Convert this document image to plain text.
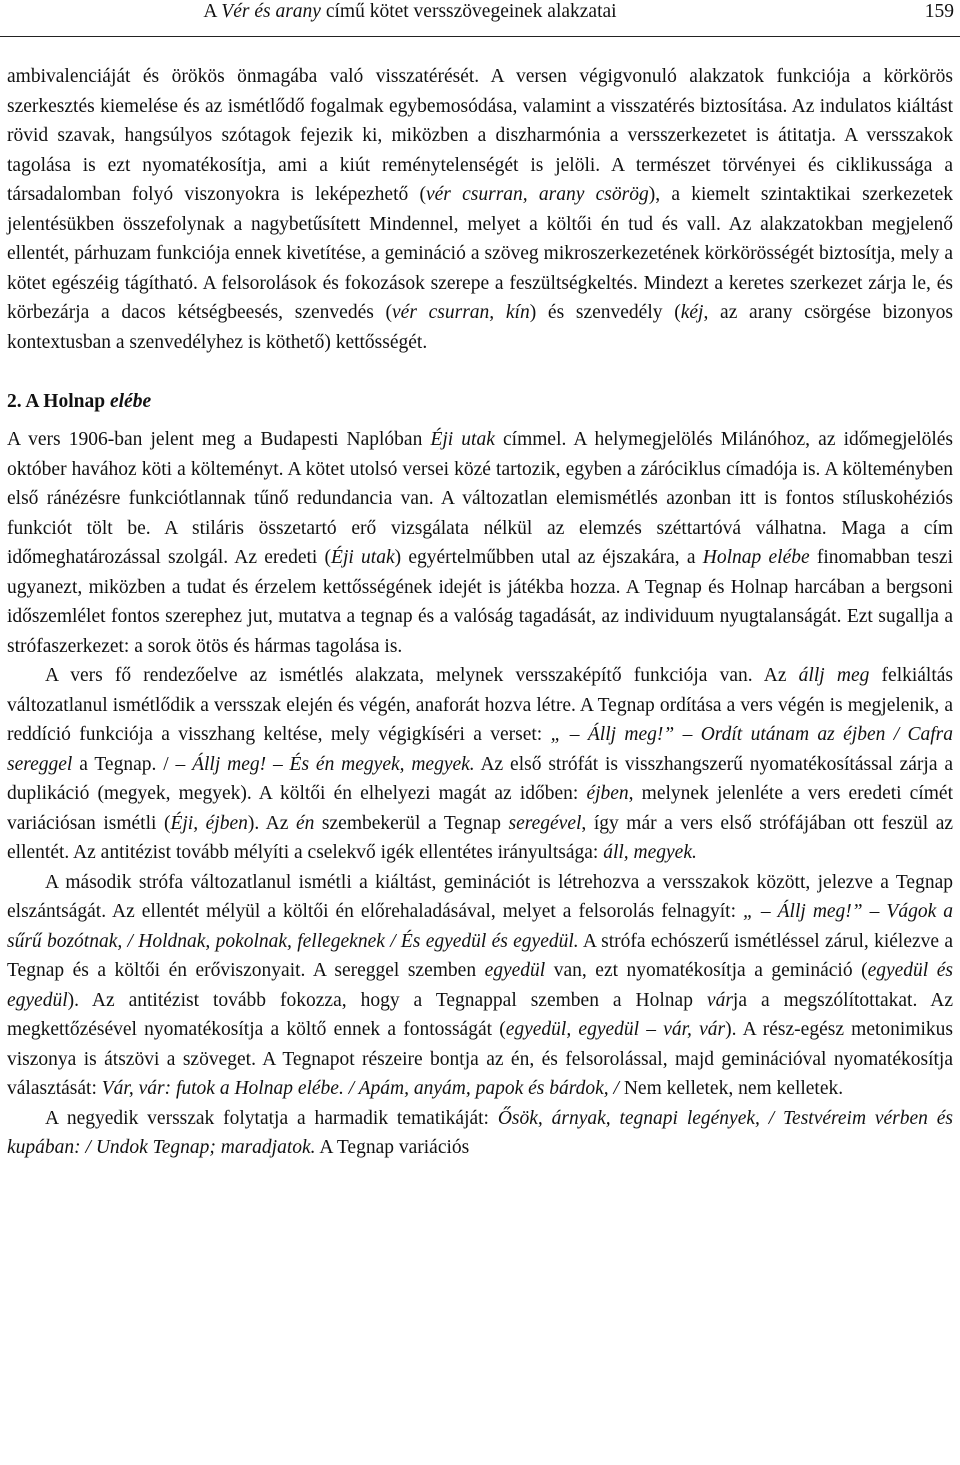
A Vér és arany című kötet versszövegeinek alakzatai	159

ambivalenciáját és örökös önmagába való visszatérését. A versen végigvonuló alakzatok funkciója a körkörös szerkesztés kiemelése és az ismétlődő fogalmak egybemosódása, valamint a visszatérés biztosítása. Az indulatos kiáltást rövid szavak, hangsúlyos szótagok fejezik ki, miközben a diszharmónia a versszerkezetet is átitatja. A versszakok tagolása is ezt nyomatékosítja, ami a kiút reménytelenségét is jelöli. A természet törvényei és ciklikussága a társadalomban folyó viszonyokra is leképezhető (vér csurran, arany csörög), a kiemelt szintaktikai szerkezetek jelentésükben összefolynak a nagybetűsített Mindennel, melyet a költői én tud és vall. Az alakzatokban megjelenő ellentét, párhuzam funkciója ennek kivetítése, a gemináció a szöveg mikroszerkezetének körkörösségét biztosítja, mely a kötet egészéig tágítható. A felsorolások és fokozások szerepe a feszültségkeltés. Mindezt a keretes szerkezet zárja le, és körbezárja a dacos kétségbeesés, szenvedés (vér csurran, kín) és szenvedély (kéj, az arany csörgése bizonyos kontextusban a szenvedélyhez is köthető) kettősségét.

2. A Holnap elébe

A vers 1906-ban jelent meg a Budapesti Naplóban Éji utak címmel. A helymegjelölés Milánóhoz, az időmegjelölés október havához köti a költeményt. A kötet utolsó versei közé tartozik, egyben a záróciklus címadója is. A költeményben első ránézésre funkciótlannak tűnő redundancia van. A változatlan elemismétlés azonban itt is fontos stíluskohéziós funkciót tölt be. A stiláris összetartó erő vizsgálata nélkül az elemzés széttartóvá válhatna. Maga a cím időmeghatározással szolgál. Az eredeti (Éji utak) egyértelműbben utal az éjszakára, a Holnap elébe finomabban teszi ugyanezt, miközben a tudat és érzelem kettősségének idejét is játékba hozza. A Tegnap és Holnap harcában a bergsoni időszemlélet fontos szerephez jut, mutatva a tegnap és a valóság tagadását, az individuum nyugtalanságát. Ezt sugallja a strófaszerkezet: a sorok ötös és hármas tagolása is.

A vers fő rendezőelve az ismétlés alakzata, melynek versszaképítő funkciója van. Az állj meg felkiáltás változatlanul ismétlődik a versszak elején és végén, anaforát hozva létre. A Tegnap ordítása a vers végén is megjelenik, a reddíció funkciója a visszhang keltése, mely végigkíséri a verset: „ – Állj meg!” – Ordít utánam az éjben / Cafra sereggel a Tegnap. / – Állj meg! – És én megyek, megyek. Az első strófát is visszhangszerű nyomatékosítással zárja a duplikáció (megyek, megyek). A költői én elhelyezi magát az időben: éjben, melynek jelenléte a vers eredeti címét variációsan ismétli (Éji, éjben). Az én szembekerül a Tegnap seregével, így már a vers első strófájában ott feszül az ellentét. Az antitézist tovább mélyíti a cselekvő igék ellentétes irányultsága: áll, megyek.

A második strófa változatlanul ismétli a kiáltást, geminációt is létrehozva a versszakok között, jelezve a Tegnap elszántságát. Az ellentét mélyül a költői én előrehaladásával, melyet a felsorolás felnagyít: „ – Állj meg!” – Vágok a sűrű bozótnak, / Holdnak, pokolnak, fellegeknek / És egyedül és egyedül. A strófa echószerű ismétléssel zárul, kiélezve a Tegnap és a költői én erőviszonyait. A sereggel szemben egyedül van, ezt nyomatékosítja a gemináció (egyedül és egyedül). Az antitézist tovább fokozza, hogy a Tegnappal szemben a Holnap várja a megszólítottakat. Az megkettőzésével nyomatékosítja a költő ennek a fontosságát (egyedül, egyedül – vár, vár). A rész-egész metonimikus viszonya is átszövi a szöveget. A Tegnapot részeire bontja az én, és felsorolással, majd geminációval nyomatékosítja választását: Vár, vár: futok a Holnap elébe. / Apám, anyám, papok és bárdok, / Nem kelletek, nem kelletek.

A negyedik versszak folytatja a harmadik tematikáját: Ősök, árnyak, tegnapi legények, / Testvéreim vérben és kupában: / Undok Tegnap; maradjatok. A Tegnap variációs
